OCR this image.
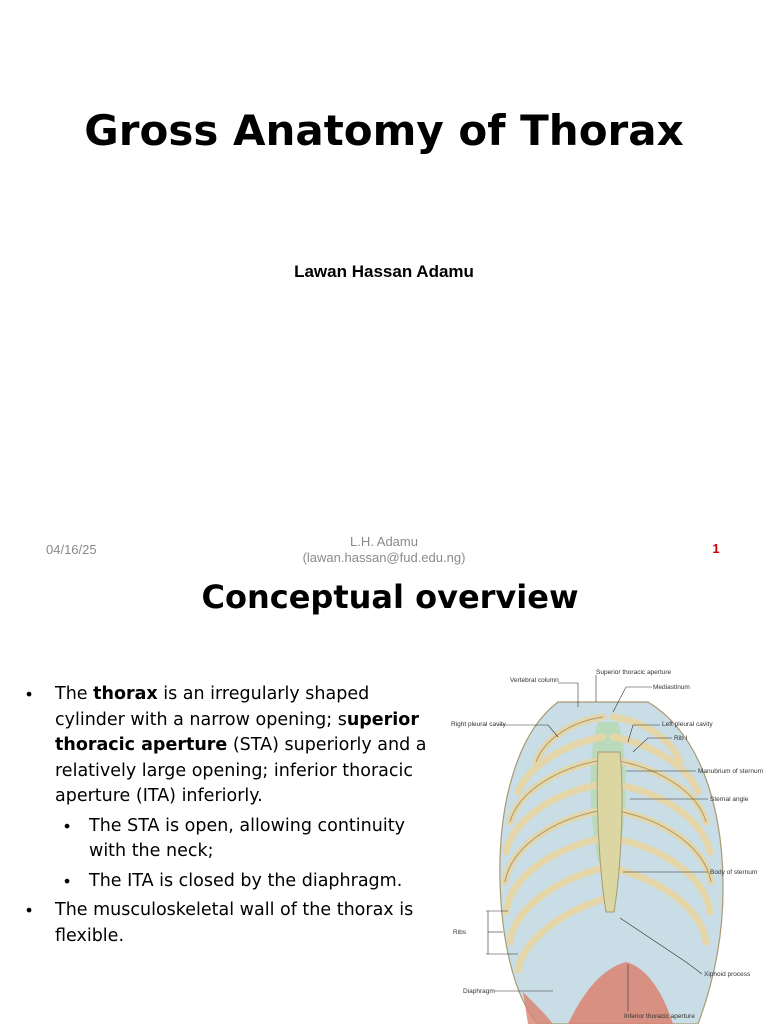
Gross Anatomy of Thorax
Lawan Hassan Adamu
04/16/25
L.H. Adamu
(lawan.hassan@fud.edu.ng)
1
Conceptual overview
• The thorax is an irregularly shaped cylinder with a narrow opening; superior thoracic aperture (STA) superiorly and a relatively large opening; inferior thoracic aperture (ITA) inferiorly.
• The STA is open, allowing continuity with the neck;
• The ITA is closed by the diaphragm.
• The musculoskeletal wall of the thorax is flexible.
Vertebral column
Superior thoracic aperture
Mediastinum
Right pleural cavity	Left pleural cavity
Rib I
Manubrium of sternum
Sternal angle
Body of sternum
Ribs
Xiphoid process
Diaphragm
Inferior thoracic aperture
